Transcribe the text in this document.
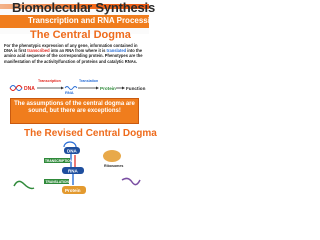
Biomolecular Synthesis
Transcription and RNA Processing
The Central Dogma
For the phenotypic expression of any gene, information contained in DNA is first transcribed into an RNA from where it is translated into the amino acid sequence of the corresponding protein. Phenotypes are the manifestation of the activity/function of proteins and catalytic RNAs.
DNA
Transcription
RNA
Translation
Protein Function
The assumptions of the central dogma are sound, but there are exceptions!
The Revised Central Dogma
DNA
TRANSCRIPTION
RNA
Ribosomes
TRANSLATION
Protein
